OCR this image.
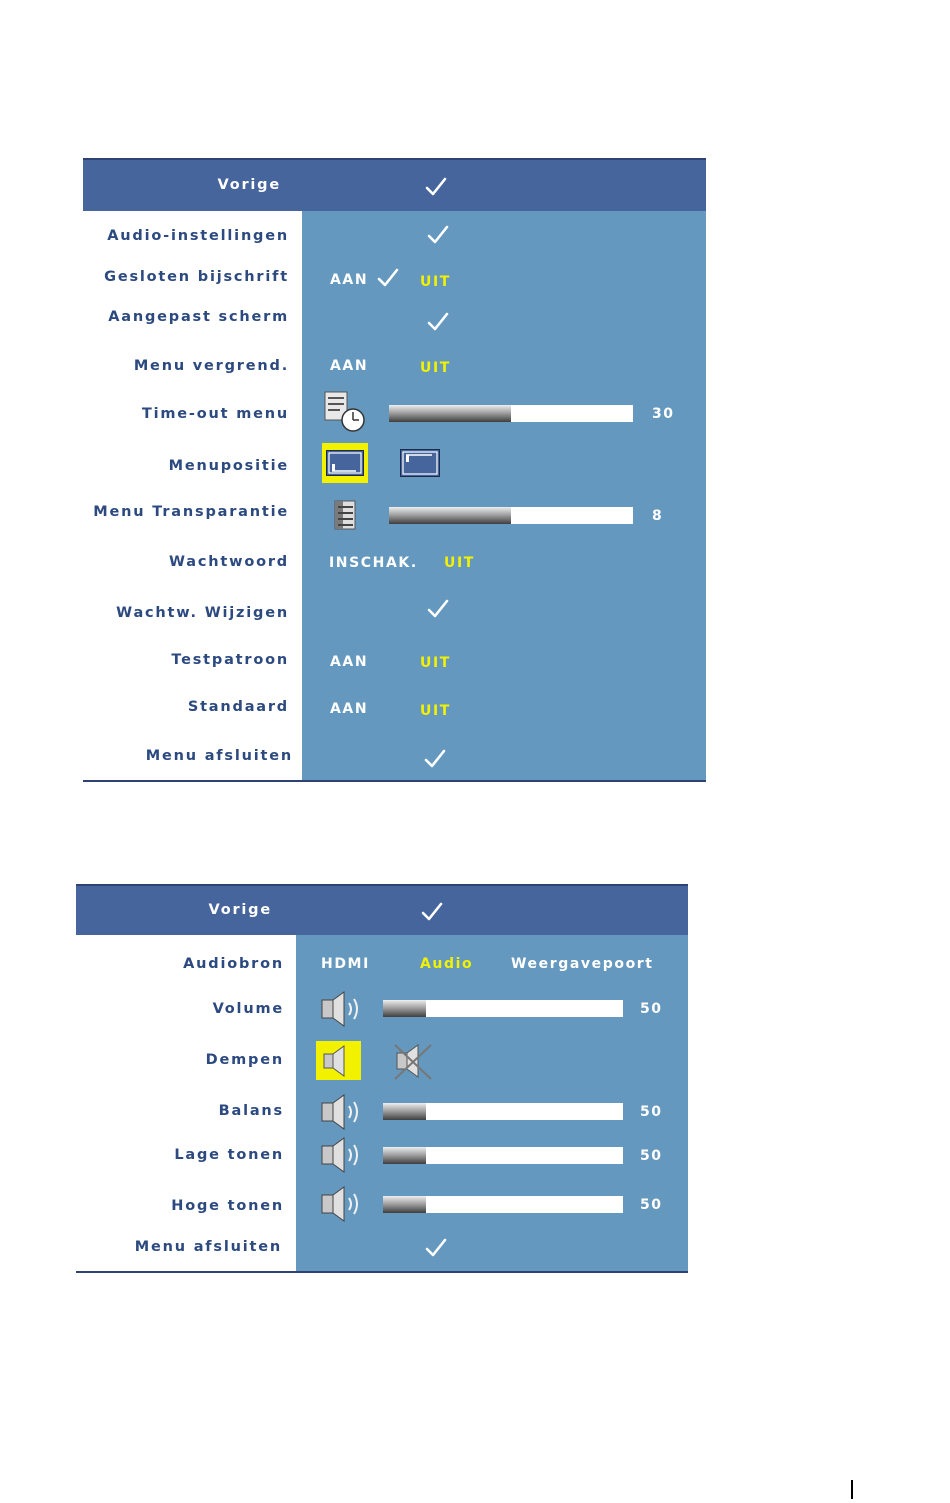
Vorige
Audio-instellingen
Gesloten bijschrift	AAN	UIT
Aangepast scherm
Menu vergrend.	AAN	UIT
Time-out menu	30
Menupositie
Menu Transparantie	8
Wachtwoord	INSCHAK. UIT
Wachtw. Wijzigen
Testpatroon	AAN	UIT
Standaard	AAN	UIT
Menu afsluiten
Vorige
Audiobron	HDMI	Audio	Weergavepoort
Volume	50
Dempen
Balans	50
Lage tonen	50
Hoge tonen	50
Menu afsluiten
